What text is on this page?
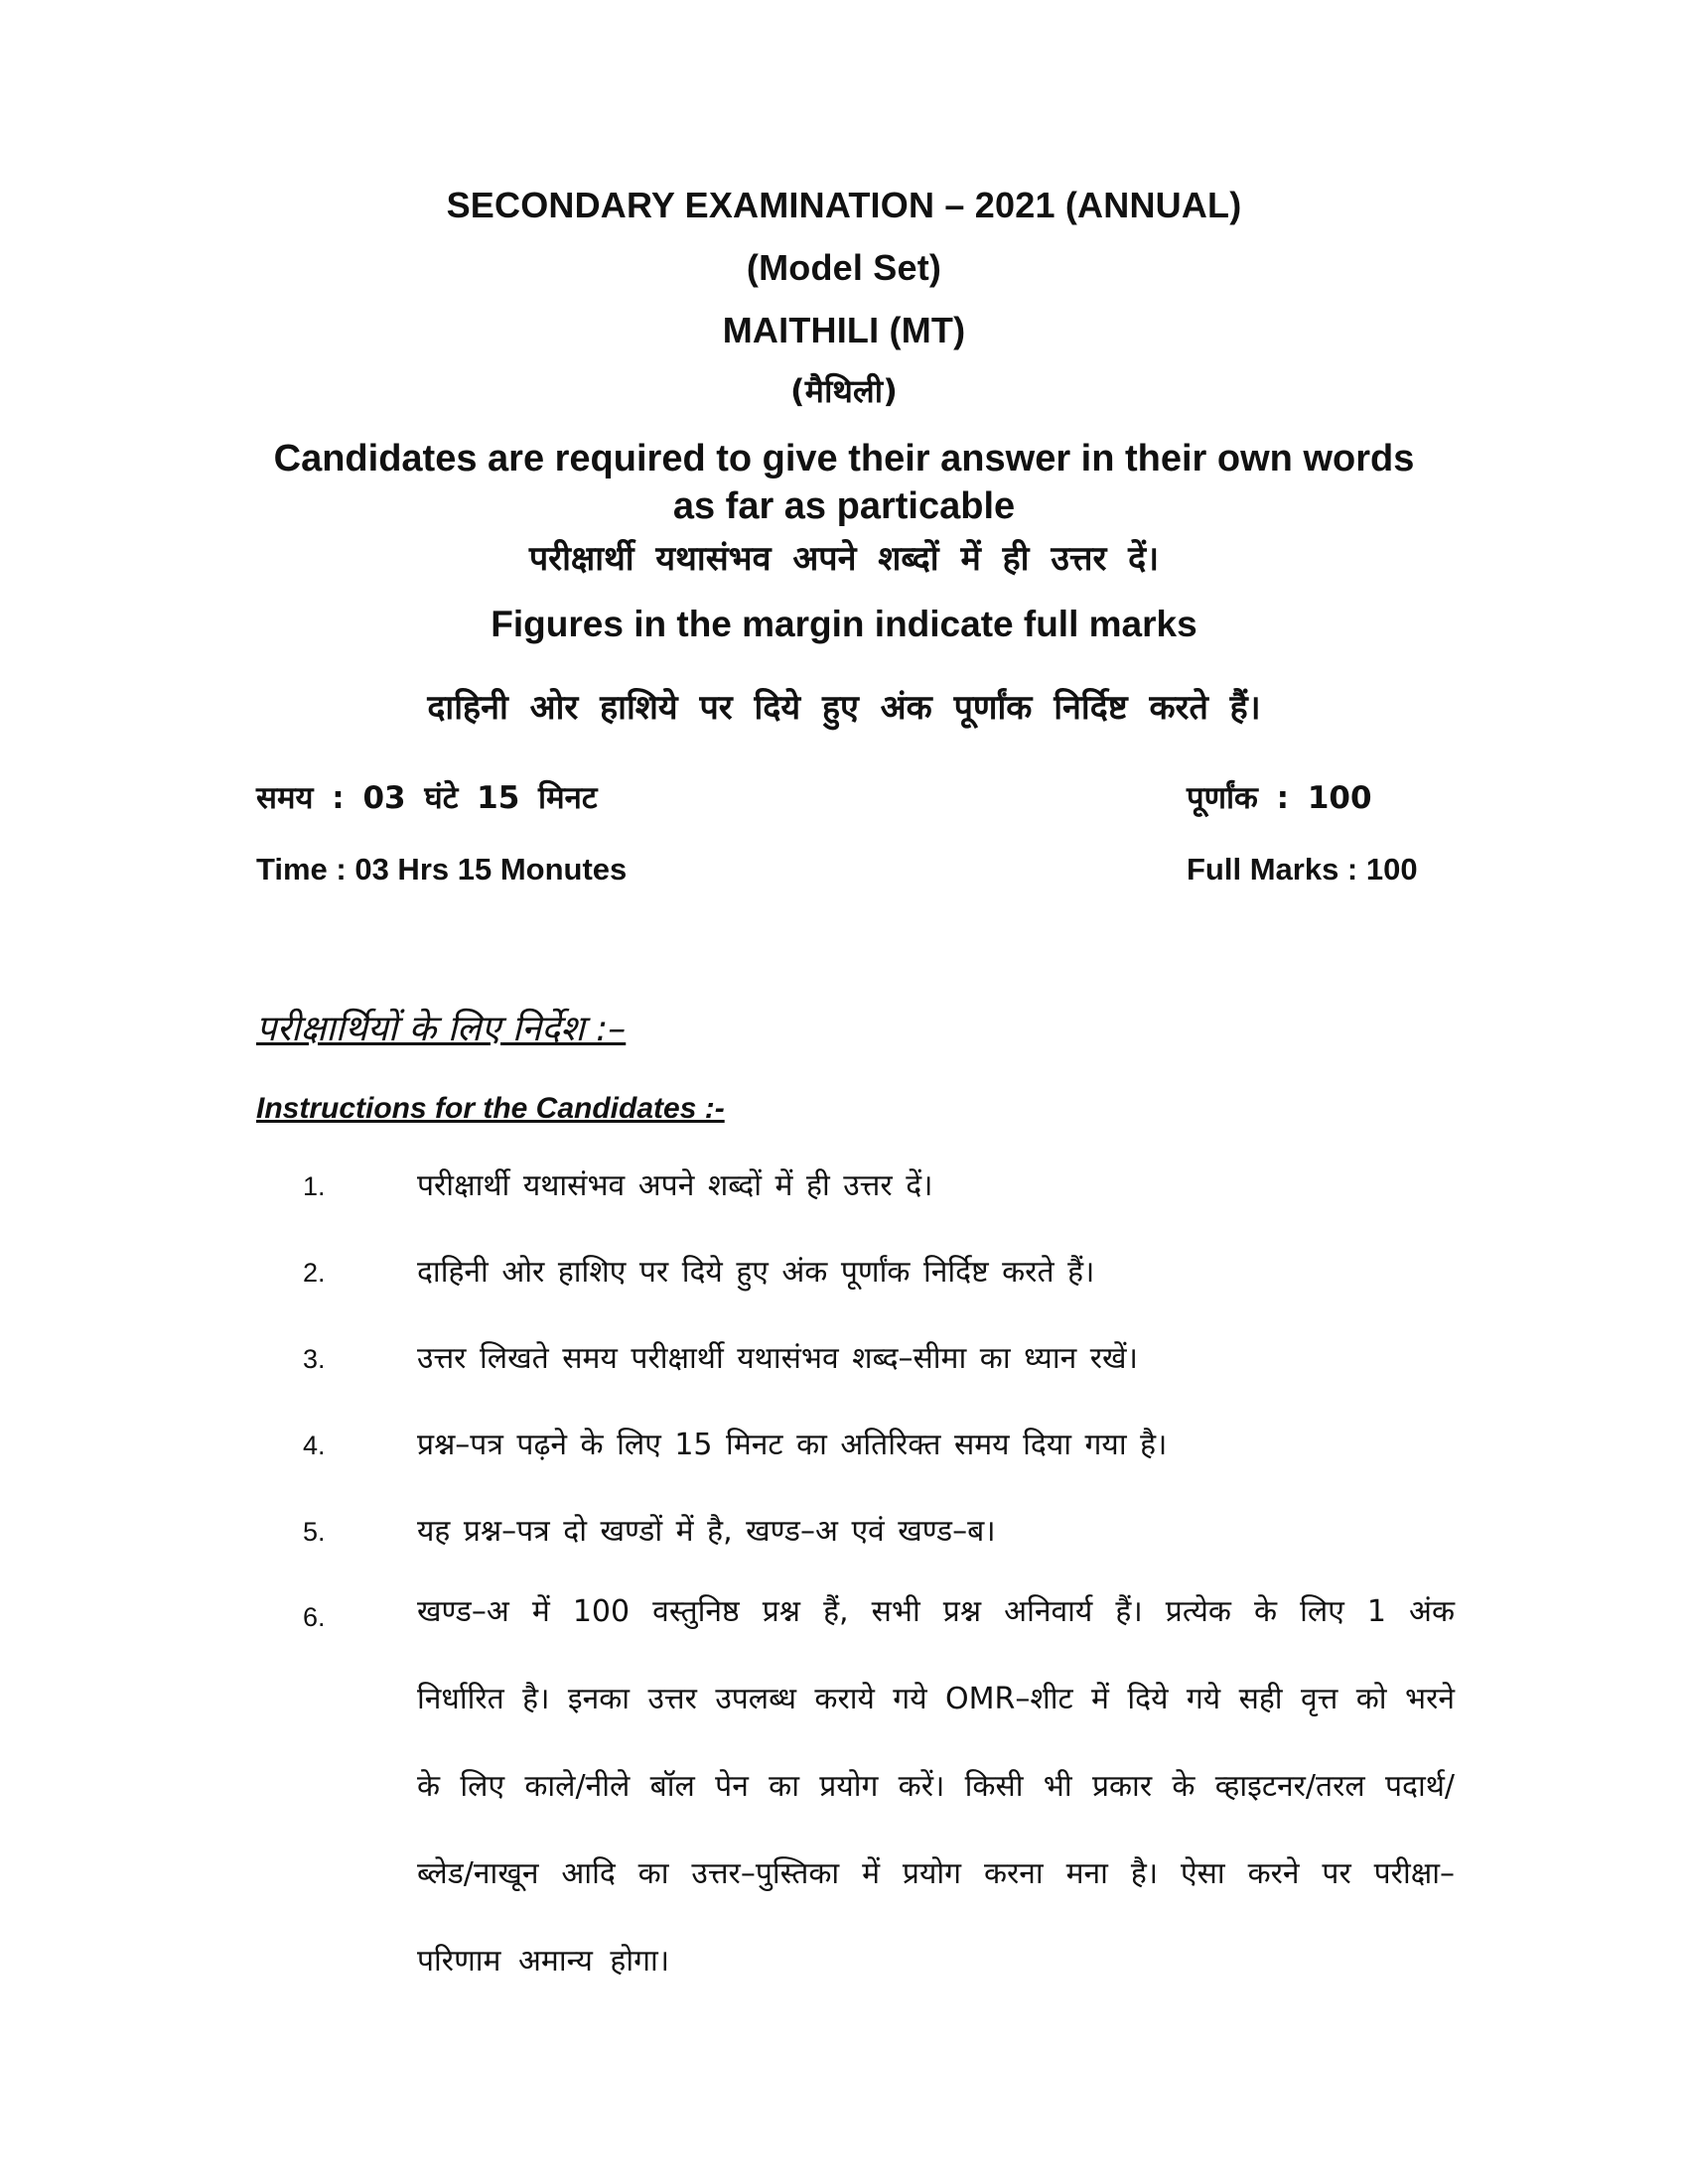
SECONDARY EXAMINATION – 2021 (ANNUAL)
(Model Set)
MAITHILI (MT)
(मैथिली)
Candidates are required to give their answer in their own words as far as particable
परीक्षार्थी यथासंभव अपने शब्दों में ही उत्तर दें।
Figures in the margin indicate full marks
दाहिनी ओर हाशिये पर दिये हुए अंक पूर्णांक निर्दिष्ट करते हैं।
समय : 03 घंटे 15 मिनट	पूर्णांक : 100
Time : 03 Hrs 15 Monutes	Full Marks : 100
परीक्षार्थियों के लिए निर्देश :–
Instructions for the Candidates :-
1.	परीक्षार्थी यथासंभव अपने शब्दों में ही उत्तर दें।
2.	दाहिनी ओर हाशिए पर दिये हुए अंक पूर्णांक निर्दिष्ट करते हैं।
3.	उत्तर लिखते समय परीक्षार्थी यथासंभव शब्द–सीमा का ध्यान रखें।
4.	प्रश्न–पत्र पढ़ने के लिए 15 मिनट का अतिरिक्त समय दिया गया है।
5.	यह प्रश्न–पत्र दो खण्डों में है, खण्ड–अ एवं खण्ड–ब।
6.	खण्ड–अ में 100 वस्तुनिष्ठ प्रश्न हैं, सभी प्रश्न अनिवार्य हैं। प्रत्येक के लिए 1 अंक निर्धारित है। इनका उत्तर उपलब्ध कराये गये OMR–शीट में दिये गये सही वृत्त को भरने के लिए काले/नीले बॉल पेन का प्रयोग करें। किसी भी प्रकार के व्हाइटनर/तरल पदार्थ/ब्लेड/नाखून आदि का उत्तर–पुस्तिका में प्रयोग करना मना है। ऐसा करने पर परीक्षा–परिणाम अमान्य होगा।
